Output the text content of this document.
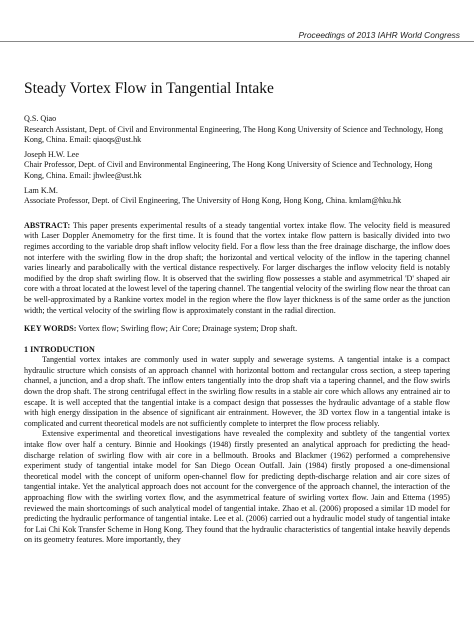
Proceedings of 2013 IAHR World Congress
Steady Vortex Flow in Tangential Intake
Q.S. Qiao
Research Assistant, Dept. of Civil and Environmental Engineering, The Hong Kong University of Science and Technology, Hong Kong, China. Email: qiaoqs@ust.hk
Joseph H.W. Lee
Chair Professor, Dept. of Civil and Environmental Engineering, The Hong Kong University of Science and Technology, Hong Kong, China. Email: jhwlee@ust.hk
Lam K.M.
Associate Professor, Dept. of Civil Engineering, The University of Hong Kong, Hong Kong, China. kmlam@hku.hk
ABSTRACT: This paper presents experimental results of a steady tangential vortex intake flow. The velocity field is measured with Laser Doppler Anemometry for the first time. It is found that the vortex intake flow pattern is basically divided into two regimes according to the variable drop shaft inflow velocity field. For a flow less than the free drainage discharge, the inflow does not interfere with the swirling flow in the drop shaft; the horizontal and vertical velocity of the inflow in the tapering channel varies linearly and parabolically with the vertical distance respectively. For larger discharges the inflow velocity field is notably modified by the drop shaft swirling flow. It is observed that the swirling flow possesses a stable and asymmetrical 'D' shaped air core with a throat located at the lowest level of the tapering channel. The tangential velocity of the swirling flow near the throat can be well-approximated by a Rankine vortex model in the region where the flow layer thickness is of the same order as the junction width; the vertical velocity of the swirling flow is approximately constant in the radial direction.
KEY WORDS: Vortex flow; Swirling flow; Air Core; Drainage system; Drop shaft.
1 INTRODUCTION

Tangential vortex intakes are commonly used in water supply and sewerage systems. A tangential intake is a compact hydraulic structure which consists of an approach channel with horizontal bottom and rectangular cross section, a steep tapering channel, a junction, and a drop shaft. The inflow enters tangentially into the drop shaft via a tapering channel, and the flow swirls down the drop shaft. The strong centrifugal effect in the swirling flow results in a stable air core which allows any entrained air to escape. It is well accepted that the tangential intake is a compact design that possesses the hydraulic advantage of a stable flow with high energy dissipation in the absence of significant air entrainment. However, the 3D vortex flow in a tangential intake is complicated and current theoretical models are not sufficiently complete to interpret the flow process reliably.

Extensive experimental and theoretical investigations have revealed the complexity and subtlety of the tangential vortex intake flow over half a century. Binnie and Hookings (1948) firstly presented an analytical approach for predicting the head-discharge relation of swirling flow with air core in a bellmouth. Brooks and Blackmer (1962) performed a comprehensive experiment study of tangential intake model for San Diego Ocean Outfall. Jain (1984) firstly proposed a one-dimensional theoretical model with the concept of uniform open-channel flow for predicting depth-discharge relation and air core sizes of tangential intake. Yet the analytical approach does not account for the convergence of the approach channel, the interaction of the approaching flow with the swirling vortex flow, and the asymmetrical feature of swirling vortex flow. Jain and Ettema (1995) reviewed the main shortcomings of such analytical model of tangential intake. Zhao et al. (2006) proposed a similar 1D model for predicting the hydraulic performance of tangential intake. Lee et al. (2006) carried out a hydraulic model study of tangential intake for Lai Chi Kok Transfer Scheme in Hong Kong. They found that the hydraulic characteristics of tangential intake heavily depends on its geometry features. More importantly, they
